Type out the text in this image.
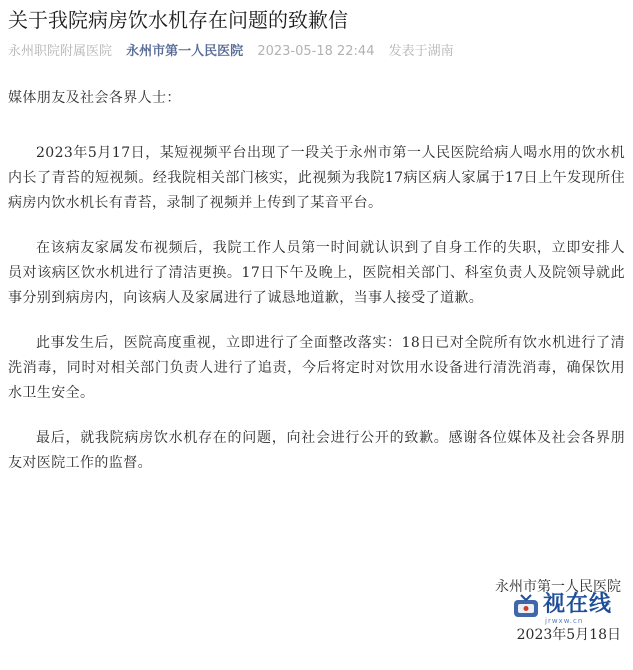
关于我院病房饮水机存在问题的致歉信
永州职院附属医院 永州市第一人民医院 2023-05-18 22:44 发表于湖南

媒体朋友及社会各界人士：

2023年5月17日，某短视频平台出现了一段关于永州市第一人民医院给病人喝水用的饮水机内长了青苔的短视频。经我院相关部门核实，此视频为我院17病区病人家属于17日上午发现所住病房内饮水机长有青苔，录制了视频并上传到了某音平台。

在该病友家属发布视频后，我院工作人员第一时间就认识到了自身工作的失职，立即安排人员对该病区饮水机进行了清洁更换。17日下午及晚上，医院相关部门、科室负责人及院领导就此事分别到病房内，向该病人及家属进行了诚恳地道歉，当事人接受了道歉。

此事发生后，医院高度重视，立即进行了全面整改落实：18日已对全院所有饮水机进行了清洗消毒，同时对相关部门负责人进行了追责，今后将定时对饮用水设备进行清洗消毒，确保饮用水卫生安全。

最后，就我院病房饮水机存在的问题，向社会进行公开的致歉。感谢各位媒体及社会各界朋友对医院工作的监督。

永州市第一人民医院
2023年5月18日
视在线
jrwxw.cn
